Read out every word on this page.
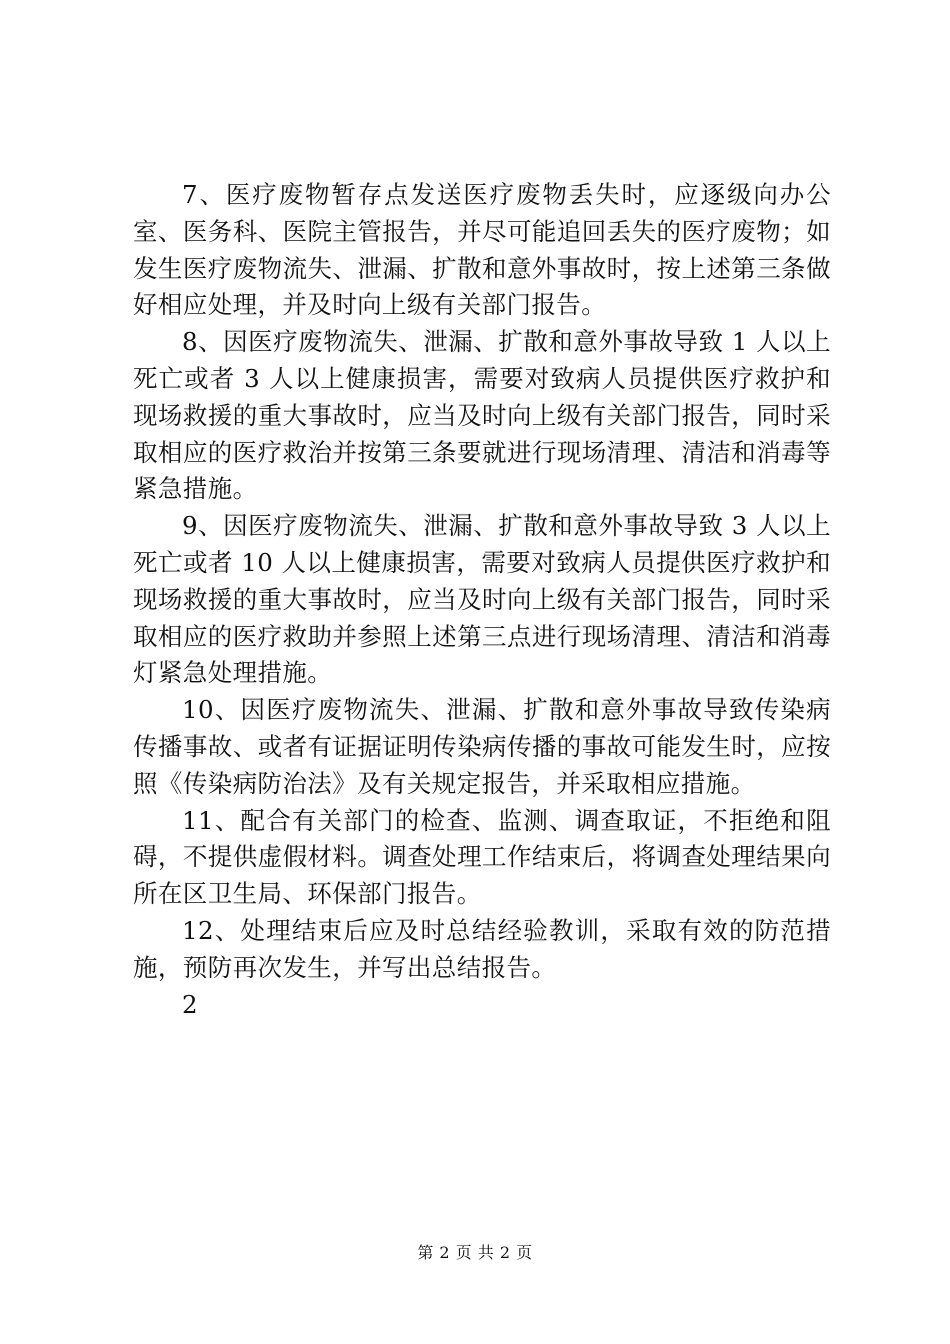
7、医疗废物暂存点发送医疗废物丢失时，应逐级向办公室、医务科、医院主管报告，并尽可能追回丢失的医疗废物；如发生医疗废物流失、泄漏、扩散和意外事故时，按上述第三条做好相应处理，并及时向上级有关部门报告。

8、因医疗废物流失、泄漏、扩散和意外事故导致 1 人以上死亡或者 3 人以上健康损害，需要对致病人员提供医疗救护和现场救援的重大事故时，应当及时向上级有关部门报告，同时采取相应的医疗救治并按第三条要就进行现场清理、清洁和消毒等紧急措施。

9、因医疗废物流失、泄漏、扩散和意外事故导致 3 人以上死亡或者 10 人以上健康损害，需要对致病人员提供医疗救护和现场救援的重大事故时，应当及时向上级有关部门报告，同时采取相应的医疗救助并参照上述第三点进行现场清理、清洁和消毒灯紧急处理措施。

10、因医疗废物流失、泄漏、扩散和意外事故导致传染病传播事故、或者有证据证明传染病传播的事故可能发生时，应按照《传染病防治法》及有关规定报告，并采取相应措施。

11、配合有关部门的检查、监测、调查取证，不拒绝和阻碍，不提供虚假材料。调查处理工作结束后，将调查处理结果向所在区卫生局、环保部门报告。

12、处理结束后应及时总结经验教训，采取有效的防范措施，预防再次发生，并写出总结报告。

2

第 2 页 共 2 页
